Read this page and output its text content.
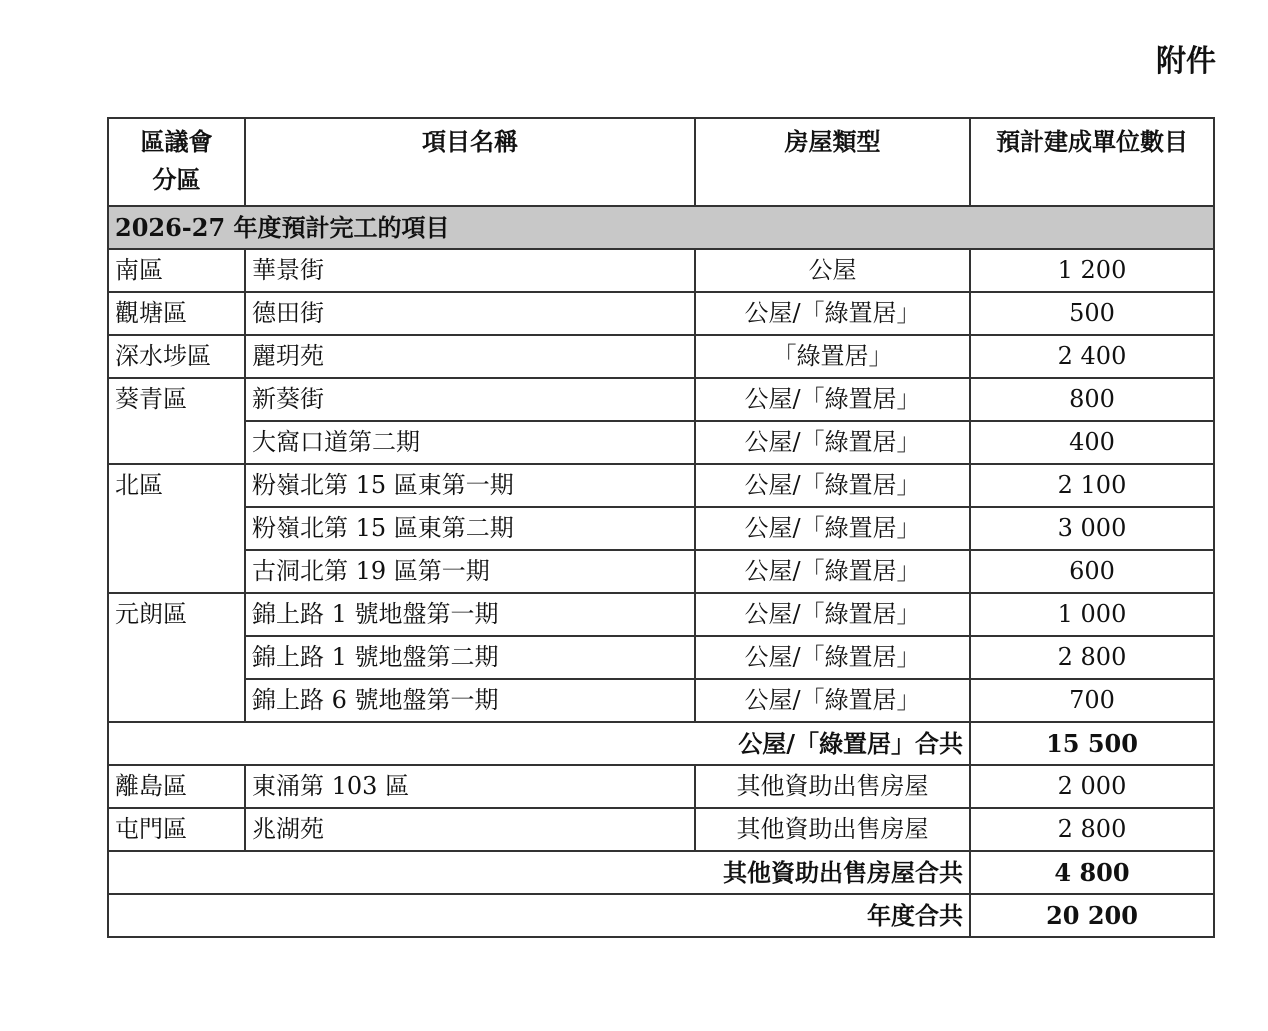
附件
區議會
分區	項目名稱	房屋類型	預計建成單位數目
2026-27 年度預計完工的項目			
南區	華景街	公屋	1 200
觀塘區	德田街	公屋/「綠置居」	500
深水埗區	麗玥苑	「綠置居」	2 400
葵青區	新葵街	公屋/「綠置居」	800
	大窩口道第二期	公屋/「綠置居」	400
北區	粉嶺北第 15 區東第一期	公屋/「綠置居」	2 100
	粉嶺北第 15 區東第二期	公屋/「綠置居」	3 000
	古洞北第 19 區第一期	公屋/「綠置居」	600
元朗區	錦上路 1 號地盤第一期	公屋/「綠置居」	1 000
	錦上路 1 號地盤第二期	公屋/「綠置居」	2 800
	錦上路 6 號地盤第一期	公屋/「綠置居」	700
公屋/「綠置居」合共			15 500
離島區	東涌第 103 區	其他資助出售房屋	2 000
屯門區	兆湖苑	其他資助出售房屋	2 800
其他資助出售房屋合共			4 800
年度合共			20 200
